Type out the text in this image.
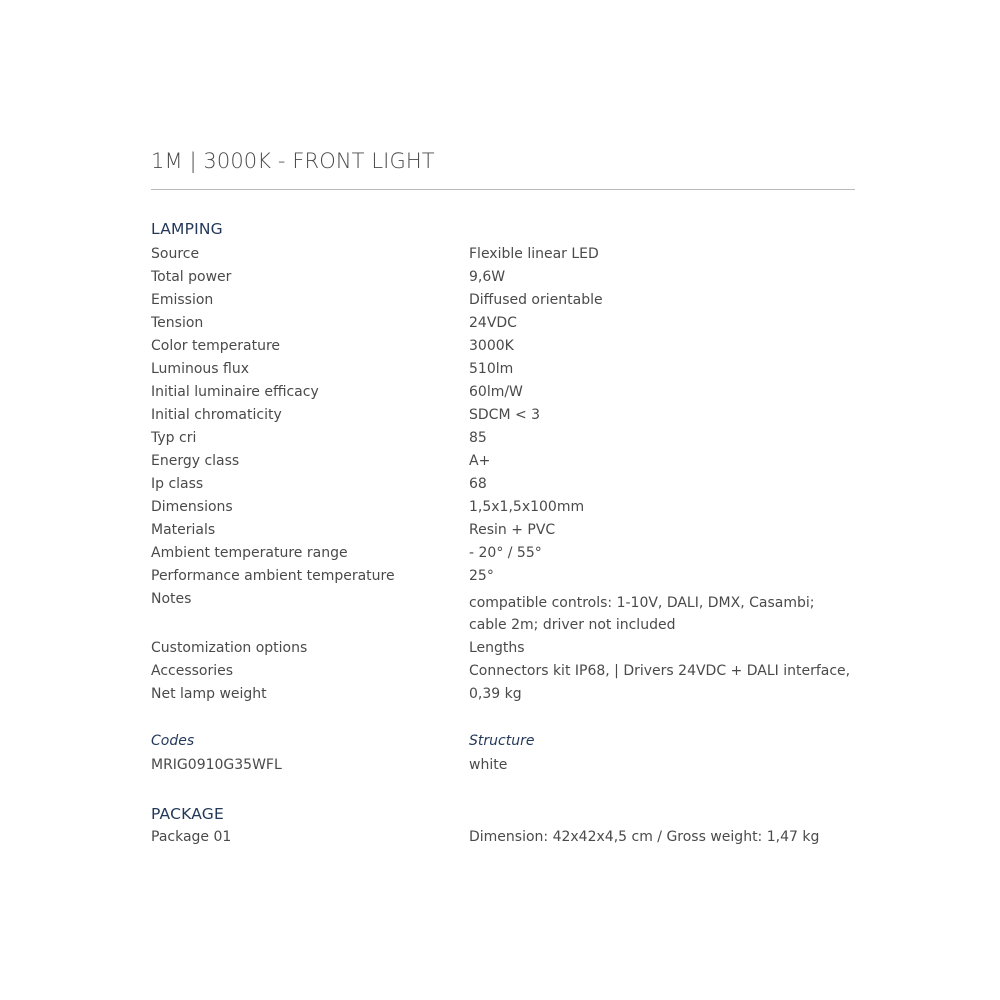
1M | 3000K - FRONT LIGHT
LAMPING
Source	Flexible linear LED
Total power	9,6W
Emission	Diffused orientable
Tension	24VDC
Color temperature	3000K
Luminous flux	510lm
Initial luminaire efficacy	60lm/W
Initial chromaticity	SDCM < 3
Typ cri	85
Energy class	A+
Ip class	68
Dimensions	1,5x1,5x100mm
Materials	Resin + PVC
Ambient temperature range	- 20° / 55°
Performance ambient temperature	25°
Notes	compatible controls: 1-10V, DALI, DMX, Casambi; cable 2m; driver not included
Customization options	Lengths
Accessories	Connectors kit IP68, | Drivers 24VDC + DALI interface,
Net lamp weight	0,39 kg
Codes	Structure
MRIG0910G35WFL	white
PACKAGE
Package 01	Dimension: 42x42x4,5 cm / Gross weight: 1,47 kg
